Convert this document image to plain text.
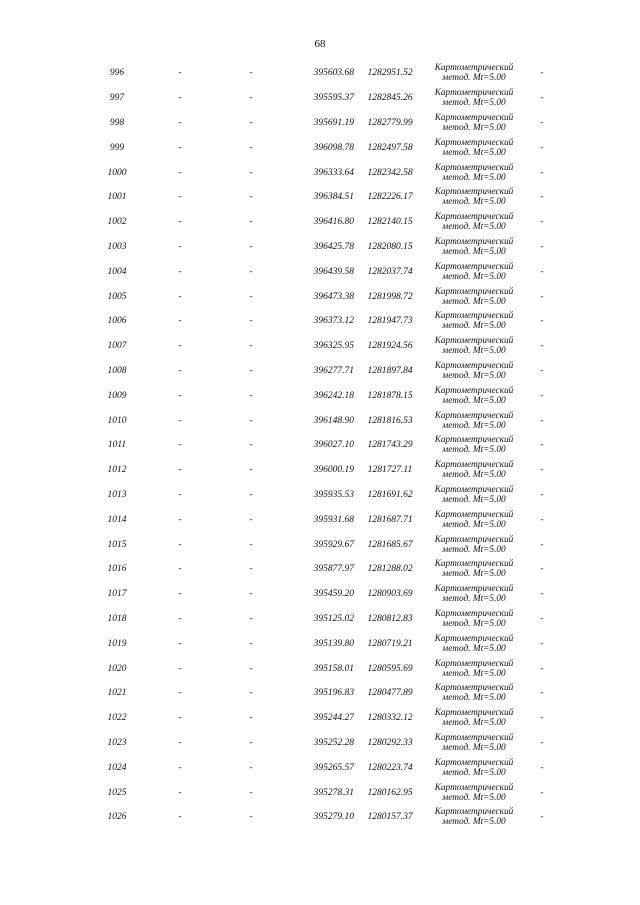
68
996	-	-	395603.68	1282951.52	Картометрический
метод. Mt=5.00	-
997	-	-	395595.37	1282845.26	Картометрический
метод. Mt=5.00	-
998	-	-	395691.19	1282779.99	Картометрический
метод. Mt=5.00	-
999	-	-	396098.78	1282497.58	Картометрический
метод. Mt=5.00	-
1000	-	-	396333.64	1282342.58	Картометрический
метод. Mt=5.00	-
1001	-	-	396384.51	1282226.17	Картометрический
метод. Mt=5.00	-
1002	-	-	396416.80	1282140.15	Картометрический
метод. Mt=5.00	-
1003	-	-	396425.78	1282080.15	Картометрический
метод. Mt=5.00	-
1004	-	-	396439.58	1282037.74	Картометрический
метод. Mt=5.00	-
1005	-	-	396473.38	1281998.72	Картометрический
метод. Mt=5.00	-
1006	-	-	396373.12	1281947.73	Картометрический
метод. Mt=5.00	-
1007	-	-	396325.95	1281924.56	Картометрический
метод. Mt=5.00	-
1008	-	-	396277.71	1281897.84	Картометрический
метод. Mt=5.00	-
1009	-	-	396242.18	1281878.15	Картометрический
метод. Mt=5.00	-
1010	-	-	396148.90	1281816.53	Картометрический
метод. Mt=5.00	-
1011	-	-	396027.10	1281743.29	Картометрический
метод. Mt=5.00	-
1012	-	-	396000.19	1281727.11	Картометрический
метод. Mt=5.00	-
1013	-	-	395935.53	1281691.62	Картометрический
метод. Mt=5.00	-
1014	-	-	395931.68	1281687.71	Картометрический
метод. Mt=5.00	-
1015	-	-	395929.67	1281685.67	Картометрический
метод. Mt=5.00	-
1016	-	-	395877.97	1281288.02	Картометрический
метод. Mt=5.00	-
1017	-	-	395459.20	1280903.69	Картометрический
метод. Mt=5.00	-
1018	-	-	395125.02	1280812.83	Картометрический
метод. Mt=5.00	-
1019	-	-	395139.80	1280719.21	Картометрический
метод. Mt=5.00	-
1020	-	-	395158.01	1280595.69	Картометрический
метод. Mt=5.00	-
1021	-	-	395196.83	1280477.89	Картометрический
метод. Mt=5.00	-
1022	-	-	395244.27	1280332.12	Картометрический
метод. Mt=5.00	-
1023	-	-	395252.28	1280292.33	Картометрический
метод. Mt=5.00	-
1024	-	-	395265.57	1280223.74	Картометрический
метод. Mt=5.00	-
1025	-	-	395278.31	1280162.95	Картометрический
метод. Mt=5.00	-
1026	-	-	395279.10	1280157.37	Картометрический
метод. Mt=5.00	-
